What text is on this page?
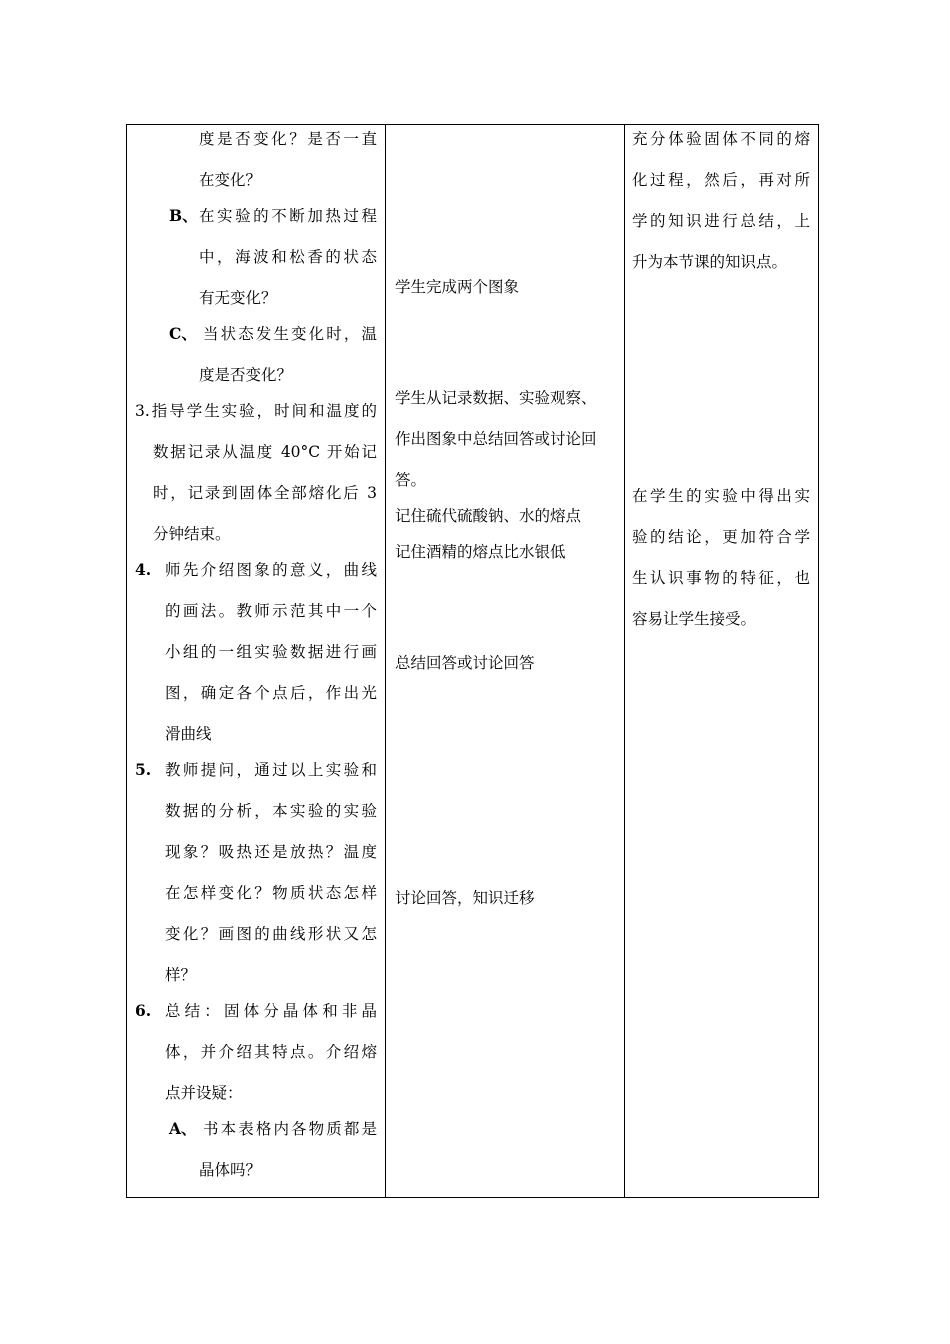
度是否变化？是否一直
在变化？
B、 在实验的不断加热过程
中，海波和松香的状态
有无变化？
C、 当状态发生变化时，温
度是否变化？
3.指导学生实验，时间和温度的
数据记录从温度 40°C 开始记
时，记录到固体全部熔化后 3
分钟结束。
4. 师先介绍图象的意义，曲线
的画法。教师示范其中一个
小组的一组实验数据进行画
图，确定各个点后，作出光
滑曲线
5. 教师提问，通过以上实验和
数据的分析，本实验的实验
现象？吸热还是放热？温度
在怎样变化？物质状态怎样
变化？画图的曲线形状又怎
样？
6. 总结：固体分晶体和非晶
体，并介绍其特点。介绍熔
点并设疑：
A、 书本表格内各物质都是
晶体吗？
学生完成两个图象
学生从记录数据、实验观察、
作出图象中总结回答或讨论回
答。
记住硫代硫酸钠、水的熔点
记住酒精的熔点比水银低
总结回答或讨论回答
讨论回答，知识迁移
充分体验固体不同的熔
化过程，然后，再对所
学的知识进行总结，上
升为本节课的知识点。
在学生的实验中得出实
验的结论，更加符合学
生认识事物的特征，也
容易让学生接受。
